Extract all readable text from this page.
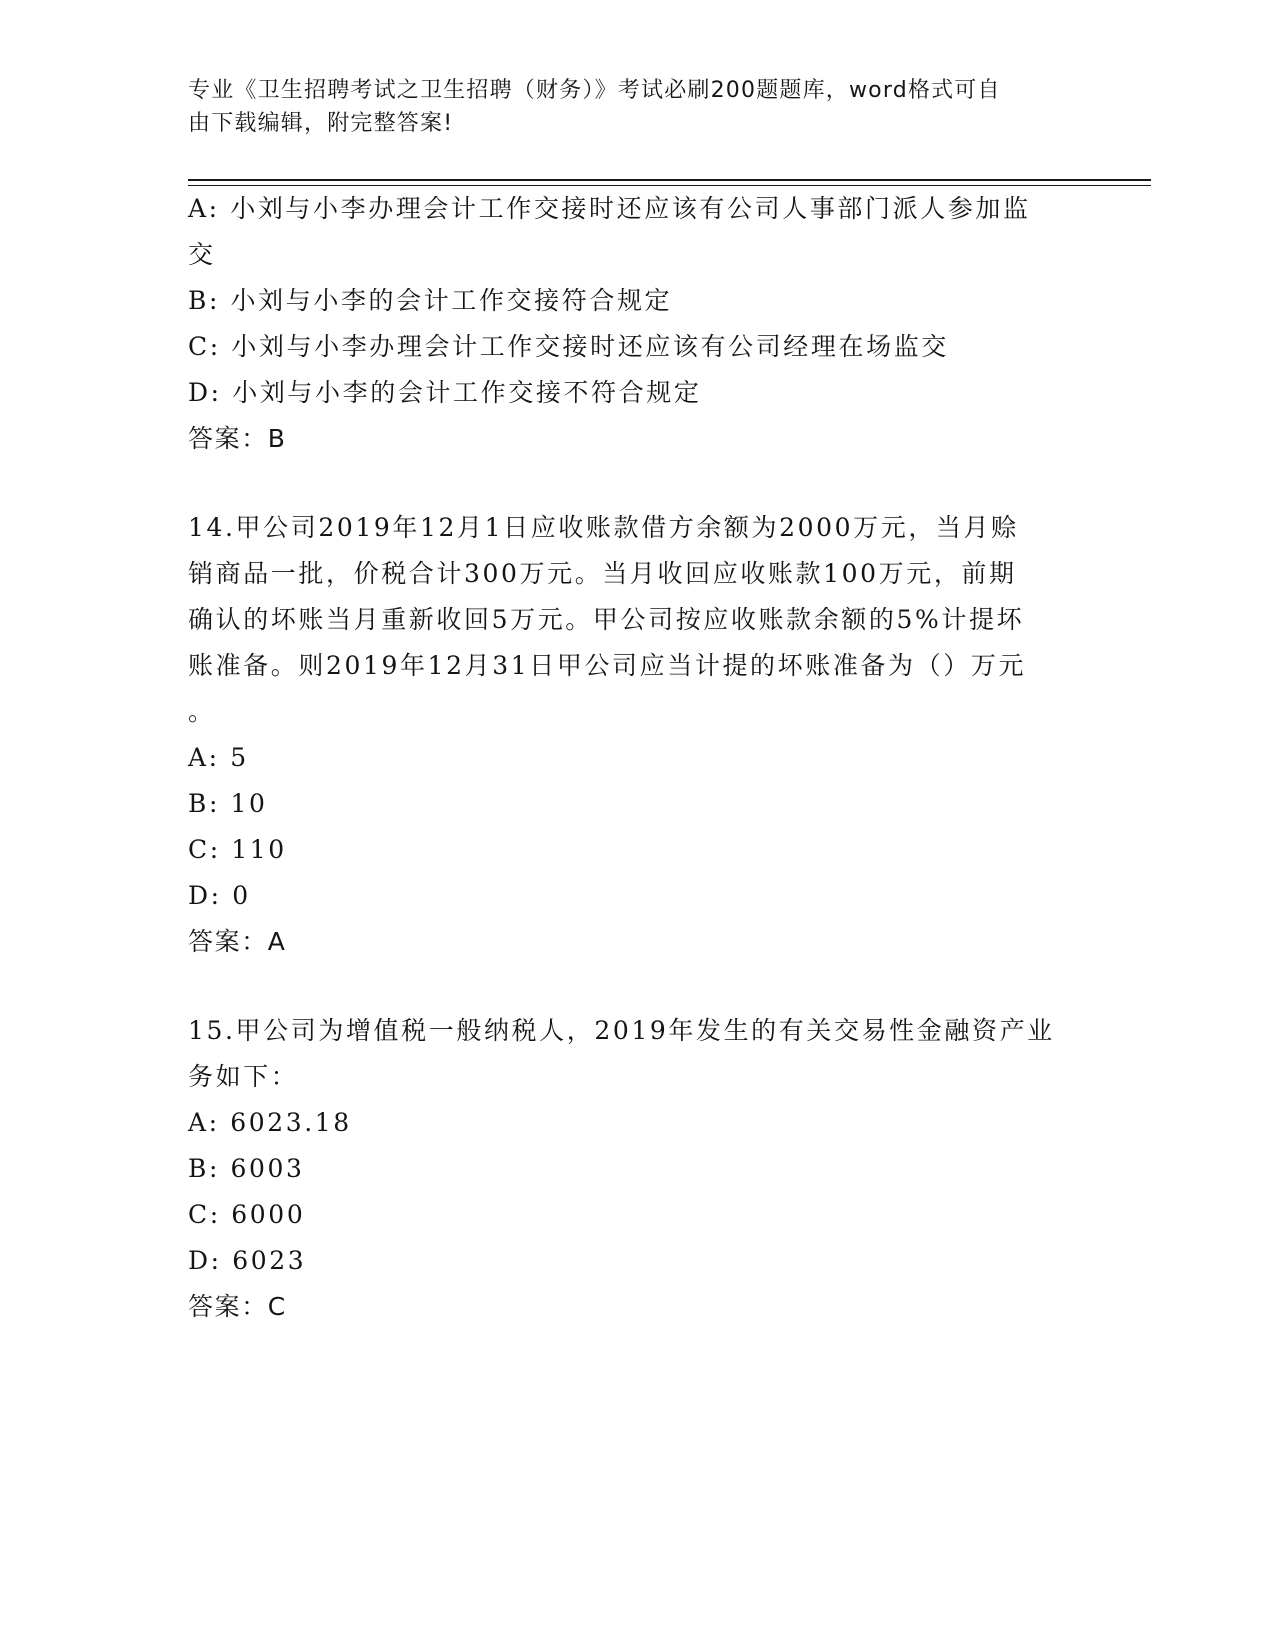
专业《卫生招聘考试之卫生招聘（财务）》考试必刷200题题库，word格式可自
由下载编辑，附完整答案!
A: 小刘与小李办理会计工作交接时还应该有公司人事部门派人参加监
交
B: 小刘与小李的会计工作交接符合规定
C: 小刘与小李办理会计工作交接时还应该有公司经理在场监交
D: 小刘与小李的会计工作交接不符合规定
答案：B
14.甲公司2019年12月1日应收账款借方余额为2000万元，当月赊
销商品一批，价税合计300万元。当月收回应收账款100万元，前期
确认的坏账当月重新收回5万元。甲公司按应收账款余额的5%计提坏
账准备。则2019年12月31日甲公司应当计提的坏账准备为（）万元
。
A: 5
B: 10
C: 110
D: 0
答案：A
15.甲公司为增值税一般纳税人，2019年发生的有关交易性金融资产业
务如下：
A: 6023.18
B: 6003
C: 6000
D: 6023
答案：C
